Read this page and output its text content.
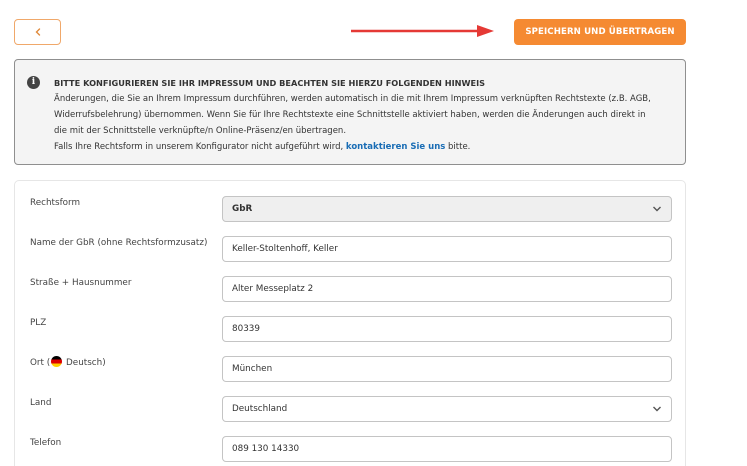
SPEICHERN UND ÜBERTRAGEN
i	BITTE KONFIGURIEREN SIE IHR IMPRESSUM UND BEACHTEN SIE HIERZU FOLGENDEN HINWEIS
Änderungen, die Sie an Ihrem Impressum durchführen, werden automatisch in die mit Ihrem Impressum verknüpften Rechtstexte (z.B. AGB,
Widerrufsbelehrung) übernommen. Wenn Sie für Ihre Rechtstexte eine Schnittstelle aktiviert haben, werden die Änderungen auch direkt in
die mit der Schnittstelle verknüpfte/n Online-Präsenz/en übertragen.
Falls Ihre Rechtsform in unserem Konfigurator nicht aufgeführt wird, kontaktieren Sie uns bitte.
Rechtsform
GbR
Name der GbR (ohne Rechtsformzusatz)
Keller-Stoltenhoff, Keller
Straße + Hausnummer
Alter Messeplatz 2
PLZ
80339
Ort ( Deutsch)
München
Land
Deutschland
Telefon
089 130 14330
